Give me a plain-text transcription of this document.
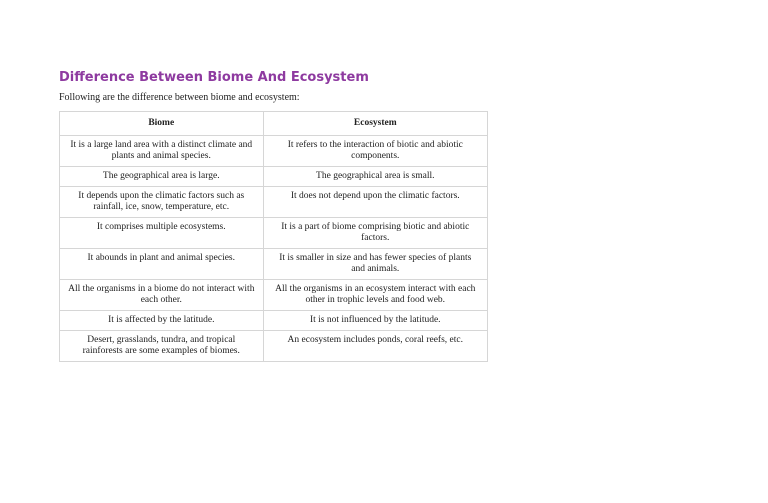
Difference Between Biome And Ecosystem

Following are the difference between biome and ecosystem:

Biome	Ecosystem
It is a large land area with a distinct climate and plants and animal species.	It refers to the interaction of biotic and abiotic components.
The geographical area is large.	The geographical area is small.
It depends upon the climatic factors such as rainfall, ice, snow, temperature, etc.	It does not depend upon the climatic factors.
It comprises multiple ecosystems.	It is a part of biome comprising biotic and abiotic factors.
It abounds in plant and animal species.	It is smaller in size and has fewer species of plants and animals.
All the organisms in a biome do not interact with each other.	All the organisms in an ecosystem interact with each other in trophic levels and food web.
It is affected by the latitude.	It is not influenced by the latitude.
Desert, grasslands, tundra, and tropical rainforests are some examples of biomes.	An ecosystem includes ponds, coral reefs, etc.
